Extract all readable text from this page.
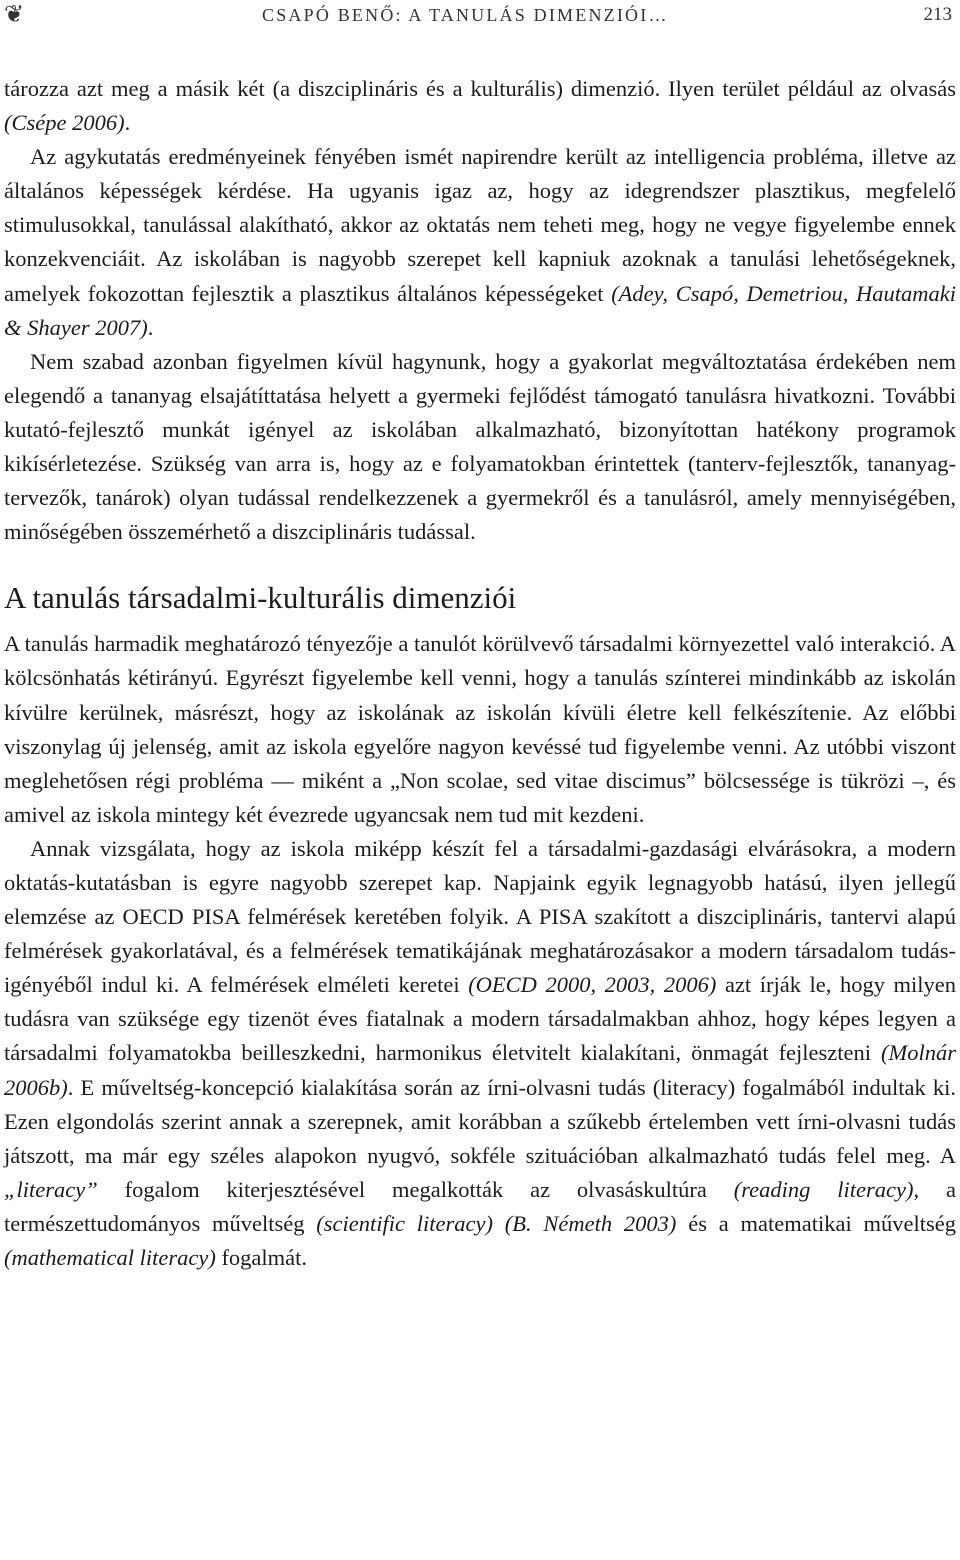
❦	CSAPÓ BENŐ: A TANULÁS DIMENZIÓI…	213

tározza azt meg a másik két (a diszciplináris és a kulturális) dimenzió. Ilyen terület például az olvasás (Csépe 2006).

Az agykutatás eredményeinek fényében ismét napirendre került az intelligencia probléma, illetve az általános képességek kérdése. Ha ugyanis igaz az, hogy az idegrendszer plasztikus, megfelelő stimulusokkal, tanulással alakítható, akkor az oktatás nem teheti meg, hogy ne vegye figyelembe ennek konzekvenciáit. Az iskolában is nagyobb szerepet kell kapniuk azoknak a tanulási lehetőségeknek, amelyek fokozottan fejlesztik a plasztikus általános képességeket (Adey, Csapó, Demetriou, Hautamaki & Shayer 2007).

Nem szabad azonban figyelmen kívül hagynunk, hogy a gyakorlat megváltoztatása érdekében nem elegendő a tananyag elsajátíttatása helyett a gyermeki fejlődést támogató tanulásra hivatkozni. További kutató-fejlesztő munkát igényel az iskolában alkalmazható, bizonyítottan hatékony programok kikísérletezése. Szükség van arra is, hogy az e folyamatokban érintettek (tanterv-fejlesztők, tananyag-tervezők, tanárok) olyan tudással rendelkezzenek a gyermekről és a tanulásról, amely mennyiségében, minőségében összemérhető a diszciplináris tudással.

A tanulás társadalmi-kulturális dimenziói

A tanulás harmadik meghatározó tényezője a tanulót körülvevő társadalmi környezettel való interakció. A kölcsönhatás kétirányú. Egyrészt figyelembe kell venni, hogy a tanulás színterei mindinkább az iskolán kívülre kerülnek, másrészt, hogy az iskolának az iskolán kívüli életre kell felkészítenie. Az előbbi viszonylag új jelenség, amit az iskola egyelőre nagyon kevéssé tud figyelembe venni. Az utóbbi viszont meglehetősen régi probléma — miként a „Non scolae, sed vitae discimus” bölcsessége is tükrözi –, és amivel az iskola mintegy két évezrede ugyancsak nem tud mit kezdeni.

Annak vizsgálata, hogy az iskola miképp készít fel a társadalmi-gazdasági elvárásokra, a modern oktatás-kutatásban is egyre nagyobb szerepet kap. Napjaink egyik legnagyobb hatású, ilyen jellegű elemzése az OECD PISA felmérések keretében folyik. A PISA szakított a diszciplináris, tantervi alapú felmérések gyakorlatával, és a felmérések tematikájának meghatározásakor a modern társadalom tudás-igényéből indul ki. A felmérések elméleti keretei (OECD 2000, 2003, 2006) azt írják le, hogy milyen tudásra van szüksége egy tizenöt éves fiatalnak a modern társadalmakban ahhoz, hogy képes legyen a társadalmi folyamatokba beilleszkedni, harmonikus életvitelt kialakítani, önmagát fejleszteni (Molnár 2006b). E műveltség-koncepció kialakítása során az írni-olvasni tudás (literacy) fogalmából indultak ki. Ezen elgondolás szerint annak a szerepnek, amit korábban a szűkebb értelemben vett írni-olvasni tudás játszott, ma már egy széles alapokon nyugvó, sokféle szituációban alkalmazható tudás felel meg. A „literacy” fogalom kiterjesztésével megalkották az olvasáskultúra (reading literacy), a természettudományos műveltség (scientific literacy) (B. Németh 2003) és a matematikai műveltség (mathematical literacy) fogalmát.
